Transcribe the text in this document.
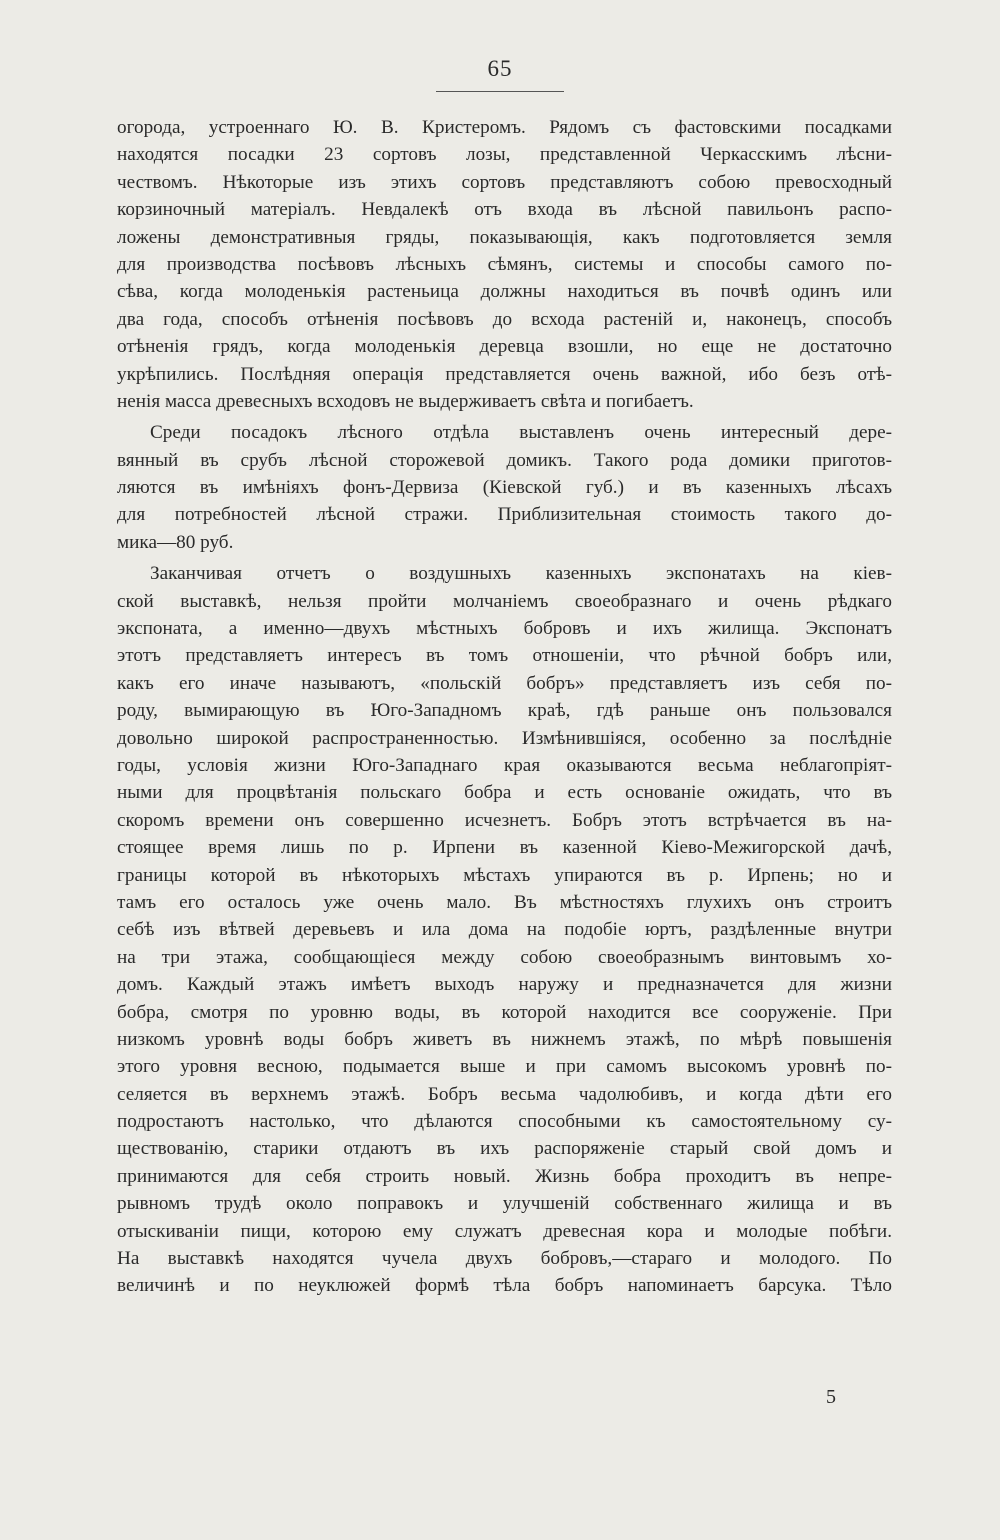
65
огорода, устроеннаго Ю. В. Кристеромъ. Рядомъ съ фастовскими посадками
находятся посадки 23 сортовъ лозы, представленной Черкасскимъ лѣсни-
чествомъ. Нѣкоторые изъ этихъ сортовъ представляютъ собою превосходный
корзиночный матеріалъ. Невдалекѣ отъ входа въ лѣсной павильонъ распо-
ложены демонстративныя гряды, показывающія, какъ подготовляется земля
для производства посѣвовъ лѣсныхъ сѣмянъ, системы и способы самого по-
сѣва, когда молоденькія растеньица должны находиться въ почвѣ одинъ или
два года, способъ отѣненія посѣвовъ до всхода растеній и, наконецъ, способъ
отѣненія грядъ, когда молоденькія деревца взошли, но еще не достаточно
укрѣпились. Послѣдняя операція представляется очень важной, ибо безъ отѣ-
ненія масса древесныхъ всходовъ не выдерживаетъ свѣта и погибаетъ.
Среди посадокъ лѣсного отдѣла выставленъ очень интересный дере-
вянный въ срубъ лѣсной сторожевой домикъ. Такого рода домики приготов-
ляются въ имѣніяхъ фонъ-Дервиза (Кіевской губ.) и въ казенныхъ лѣсахъ
для потребностей лѣсной стражи. Приблизительная стоимость такого до-
мика—80 руб.
Заканчивая отчетъ о воздушныхъ казенныхъ экспонатахъ на кіев-
ской выставкѣ, нельзя пройти молчаніемъ своеобразнаго и очень рѣдкаго
экспоната, а именно—двухъ мѣстныхъ бобровъ и ихъ жилища. Экспонатъ
этотъ представляетъ интересъ въ томъ отношеніи, что рѣчной бобръ или,
какъ его иначе называютъ, «польскій бобръ» представляетъ изъ себя по-
роду, вымирающую въ Юго-Западномъ краѣ, гдѣ раньше онъ пользовался
довольно широкой распространенностью. Измѣнившіяся, особенно за послѣдніе
годы, условія жизни Юго-Западнаго края оказываются весьма неблагопріят-
ными для процвѣтанія польскаго бобра и есть основаніе ожидать, что въ
скоромъ времени онъ совершенно исчезнетъ. Бобръ этотъ встрѣчается въ на-
стоящее время лишь по р. Ирпени въ казенной Кіево-Межигорской дачѣ,
границы которой въ нѣкоторыхъ мѣстахъ упираются въ р. Ирпень; но и
тамъ его осталось уже очень мало. Въ мѣстностяхъ глухихъ онъ строитъ
себѣ изъ вѣтвей деревьевъ и ила дома на подобіе юртъ, раздѣленные внутри
на три этажа, сообщающіеся между собою своеобразнымъ винтовымъ хо-
домъ. Каждый этажъ имѣетъ выходъ наружу и предназначется для жизни
бобра, смотря по уровню воды, въ которой находится все сооруженіе. При
низкомъ уровнѣ воды бобръ живетъ въ нижнемъ этажѣ, по мѣрѣ повышенія
этого уровня весною, подымается выше и при самомъ высокомъ уровнѣ по-
селяется въ верхнемъ этажѣ. Бобръ весьма чадолюбивъ, и когда дѣти его
подростаютъ настолько, что дѣлаются способными къ самостоятельному су-
ществованію, старики отдаютъ въ ихъ распоряженіе старый свой домъ и
принимаются для себя строить новый. Жизнь бобра проходитъ въ непре-
рывномъ трудѣ около поправокъ и улучшеній собственнаго жилища и въ
отыскиваніи пищи, которою ему служатъ древесная кора и молодые побѣги.
На выставкѣ находятся чучела двухъ бобровъ,—стараго и молодого. По
величинѣ и по неуклюжей формѣ тѣла бобръ напоминаетъ барсука. Тѣло
5
